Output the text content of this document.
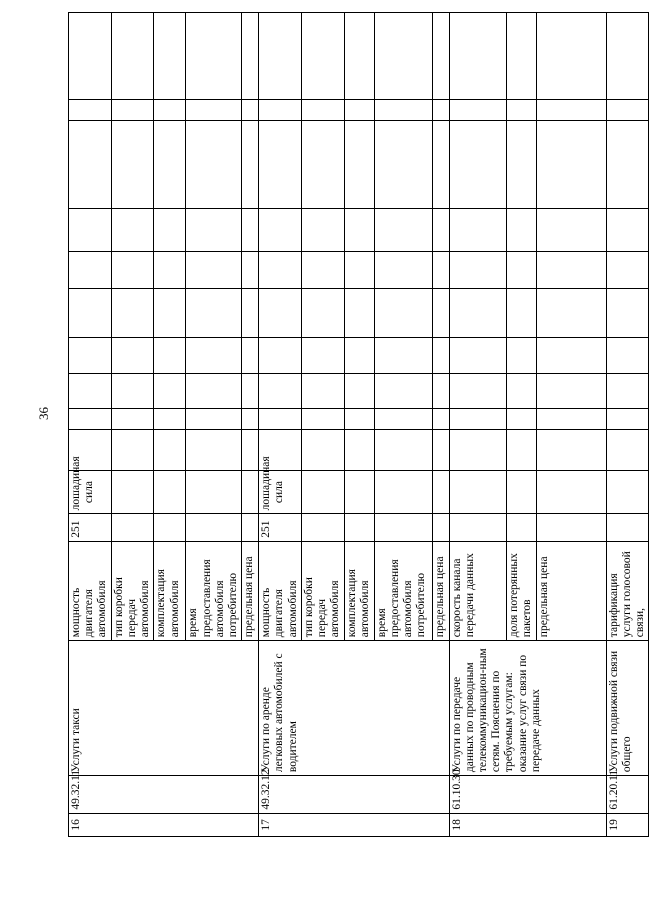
36
16	49.32.11	Услуги такси	мощность двигателя автомобиля	251	лошадиная сила										

			тип коробки передач автомобиля												

			комплектация автомобиля												

			время предоставления автомобиля потребителю												

			предельная цена												

17	49.32.12	Услуги по аренде легковых автомобилей с водителем	мощность двигателя автомобиля	251	лошадиная сила										

			тип коробки передач автомобиля												

			комплектация автомобиля												

			время предоставления автомобиля потребителю												

			предельная цена												

18	61.10.30	Услуги по передаче данных по проводным телекоммуникацион-ным сетям. Пояснения по требуемым услугам: оказание услуг связи по передаче данных	скорость канала передачи данных												

			доля потерянных пакетов												

			предельная цена												

19	61.20.11	Услуги подвижной связи общего	тарификация услуги голосовой связи,												
